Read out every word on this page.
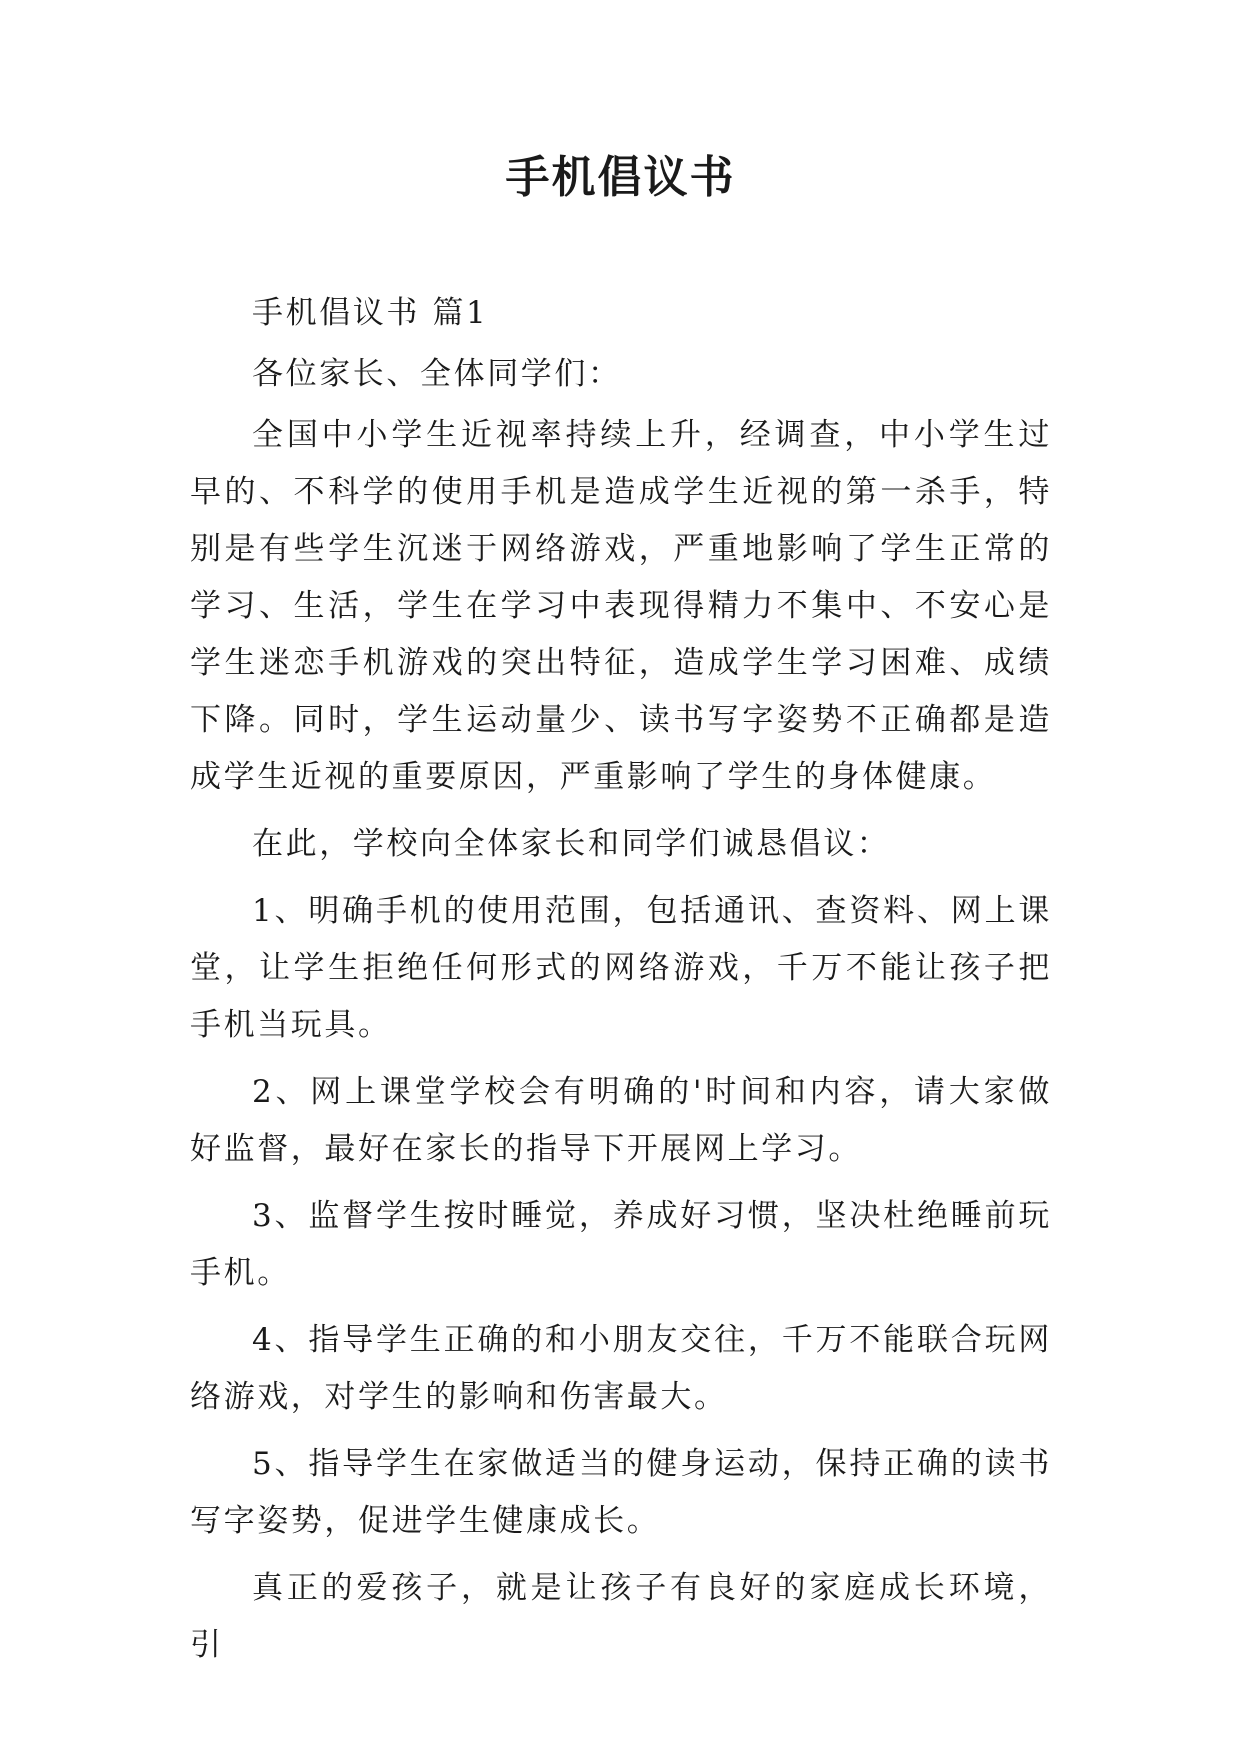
手机倡议书

手机倡议书 篇1

各位家长、全体同学们：

全国中小学生近视率持续上升，经调查，中小学生过早的、不科学的使用手机是造成学生近视的第一杀手，特别是有些学生沉迷于网络游戏，严重地影响了学生正常的学习、生活，学生在学习中表现得精力不集中、不安心是学生迷恋手机游戏的突出特征，造成学生学习困难、成绩下降。同时，学生运动量少、读书写字姿势不正确都是造成学生近视的重要原因，严重影响了学生的身体健康。

在此，学校向全体家长和同学们诚恳倡议：

1、明确手机的使用范围，包括通讯、查资料、网上课堂，让学生拒绝任何形式的网络游戏，千万不能让孩子把手机当玩具。

2、网上课堂学校会有明确的'时间和内容，请大家做好监督，最好在家长的指导下开展网上学习。

3、监督学生按时睡觉，养成好习惯，坚决杜绝睡前玩手机。

4、指导学生正确的和小朋友交往，千万不能联合玩网络游戏，对学生的影响和伤害最大。

5、指导学生在家做适当的健身运动，保持正确的读书写字姿势，促进学生健康成长。

真正的爱孩子，就是让孩子有良好的家庭成长环境，引
